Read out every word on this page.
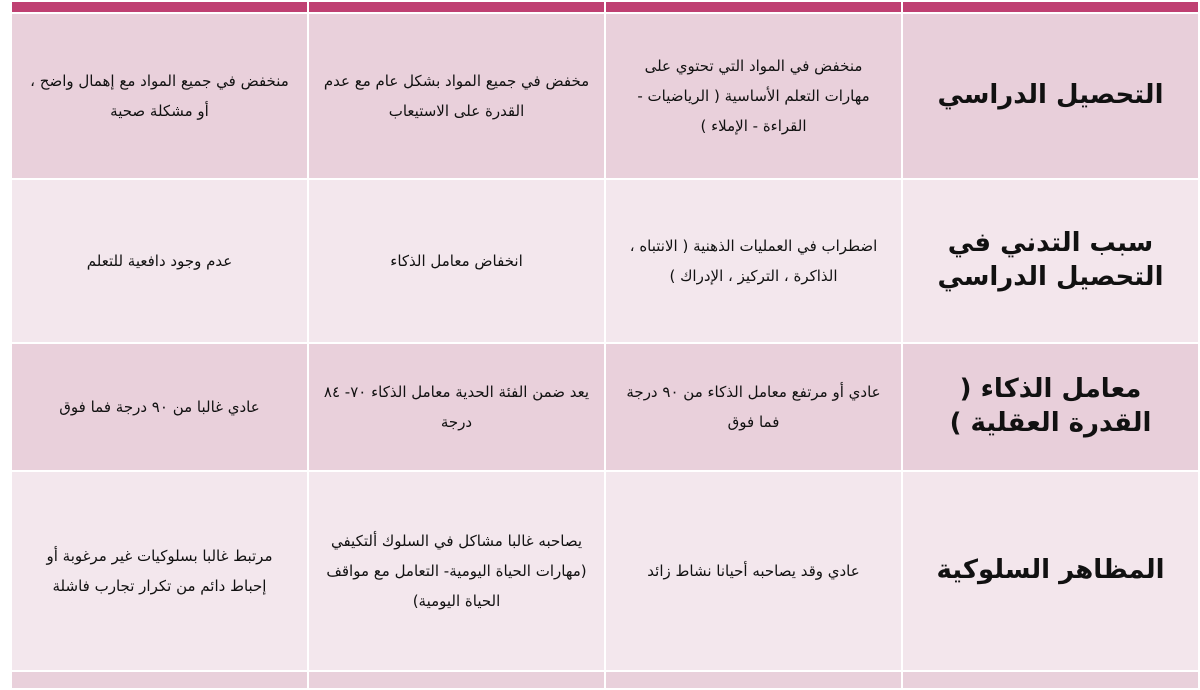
التحصيل الدراسي	منخفض في المواد التي تحتوي على مهارات التعلم الأساسية ( الرياضيات - القراءة - الإملاء )	مخفض في جميع المواد بشكل عام مع عدم القدرة على الاستيعاب	منخفض في جميع المواد مع إهمال واضح ، أو مشكلة صحية
سبب التدني في التحصيل الدراسي	اضطراب في العمليات الذهنية ( الانتباه ، الذاكرة ، التركيز ، الإدراك )	انخفاض معامل الذكاء	عدم وجود دافعية للتعلم
معامل الذكاء ( القدرة العقلية )	عادي أو مرتفع معامل الذكاء من ٩٠ درجة فما فوق	يعد ضمن الفئة الحدية معامل الذكاء ٧٠- ٨٤ درجة	عادي غالبا من ٩٠ درجة فما فوق
المظاهر السلوكية	عادي وقد يصاحبه أحيانا نشاط زائد	يصاحبه غالبا مشاكل في السلوك ألتكيفي (مهارات الحياة اليومية- التعامل مع مواقف الحياة اليومية)	مرتبط غالبا بسلوكيات غير مرغوبة أو إحباط دائم من تكرار تجارب فاشلة
